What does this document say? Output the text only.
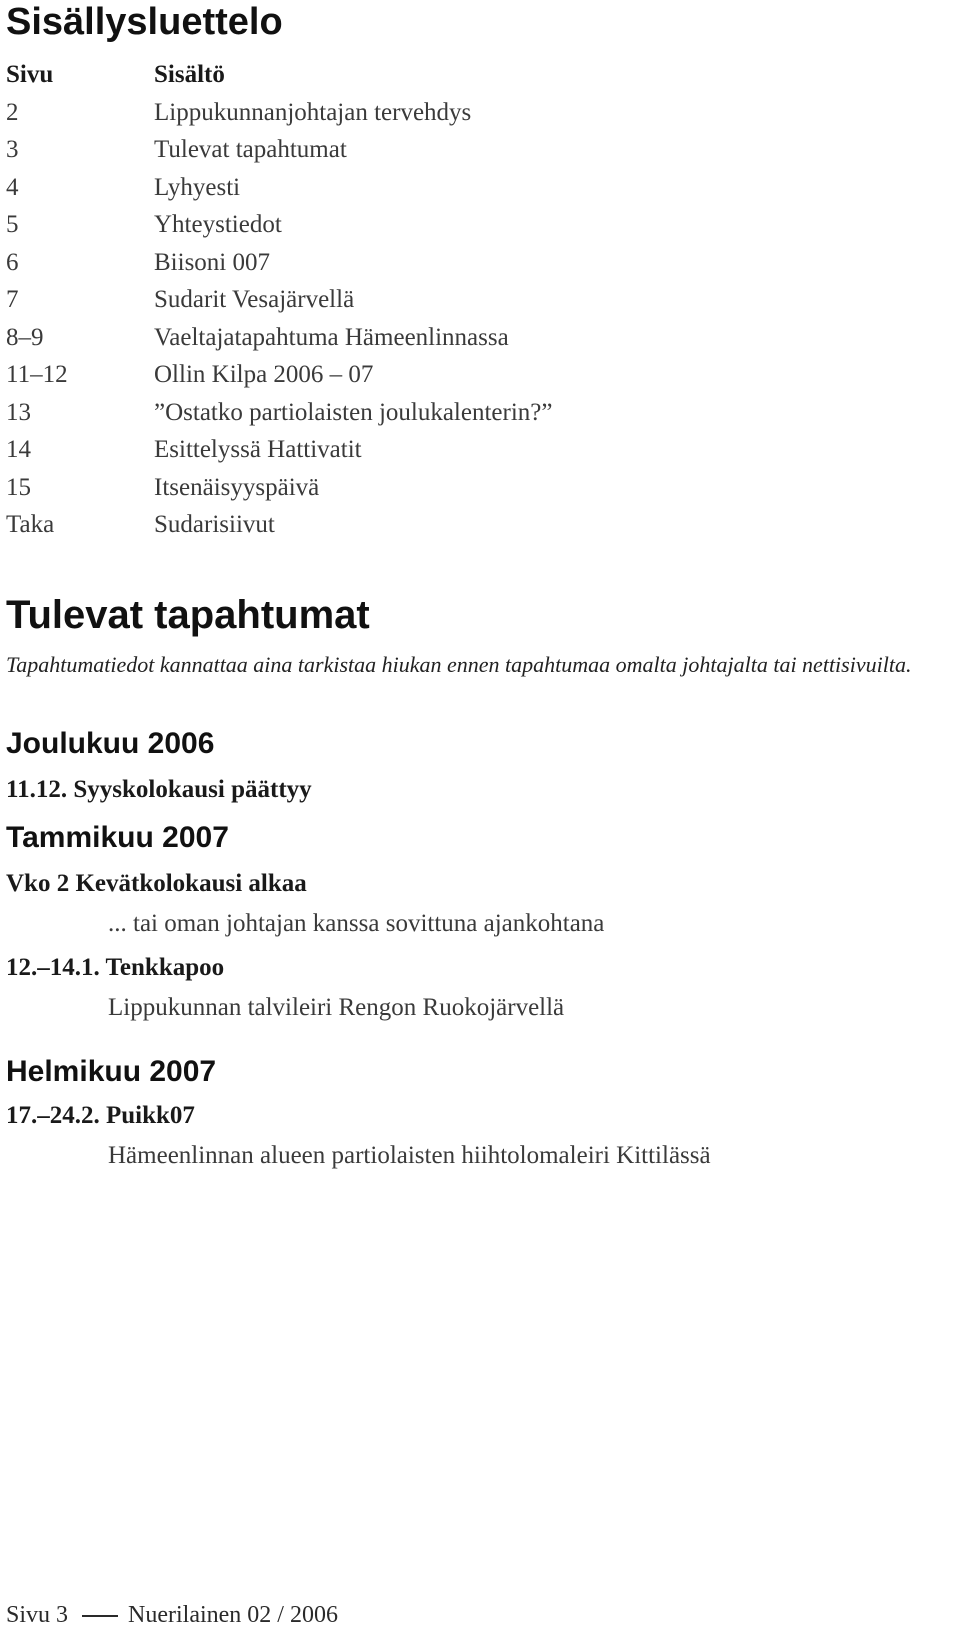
Sisällysluettelo
Sivu	Sisältö
2	Lippukunnanjohtajan tervehdys
3	Tulevat tapahtumat
4	Lyhyesti
5	Yhteystiedot
6	Biisoni 007
7	Sudarit Vesajärvellä
8–9	Vaeltajatapahtuma Hämeenlinnassa
11–12	Ollin Kilpa 2006 – 07
13	”Ostatko partiolaisten joulukalenterin?”
14	Esittelyssä Hattivatit
15	Itsenäisyyspäivä
Taka	Sudarisiivut
Tulevat tapahtumat
Tapahtumatiedot kannattaa aina tarkistaa hiukan ennen tapahtumaa omalta johtajalta tai nettisivuilta.
Joulukuu 2006
11.12. Syyskolokausi päättyy
Tammikuu 2007
Vko 2 Kevätkolokausi alkaa
... tai oman johtajan kanssa sovittuna ajankohtana
12.–14.1. Tenkkapoo
Lippukunnan talvileiri Rengon Ruokojärvellä
Helmikuu 2007
17.–24.2. Puikk07
Hämeenlinnan alueen partiolaisten hiihtolomaleiri Kittilässä
Sivu 3	Nuerilainen 02 / 2006
